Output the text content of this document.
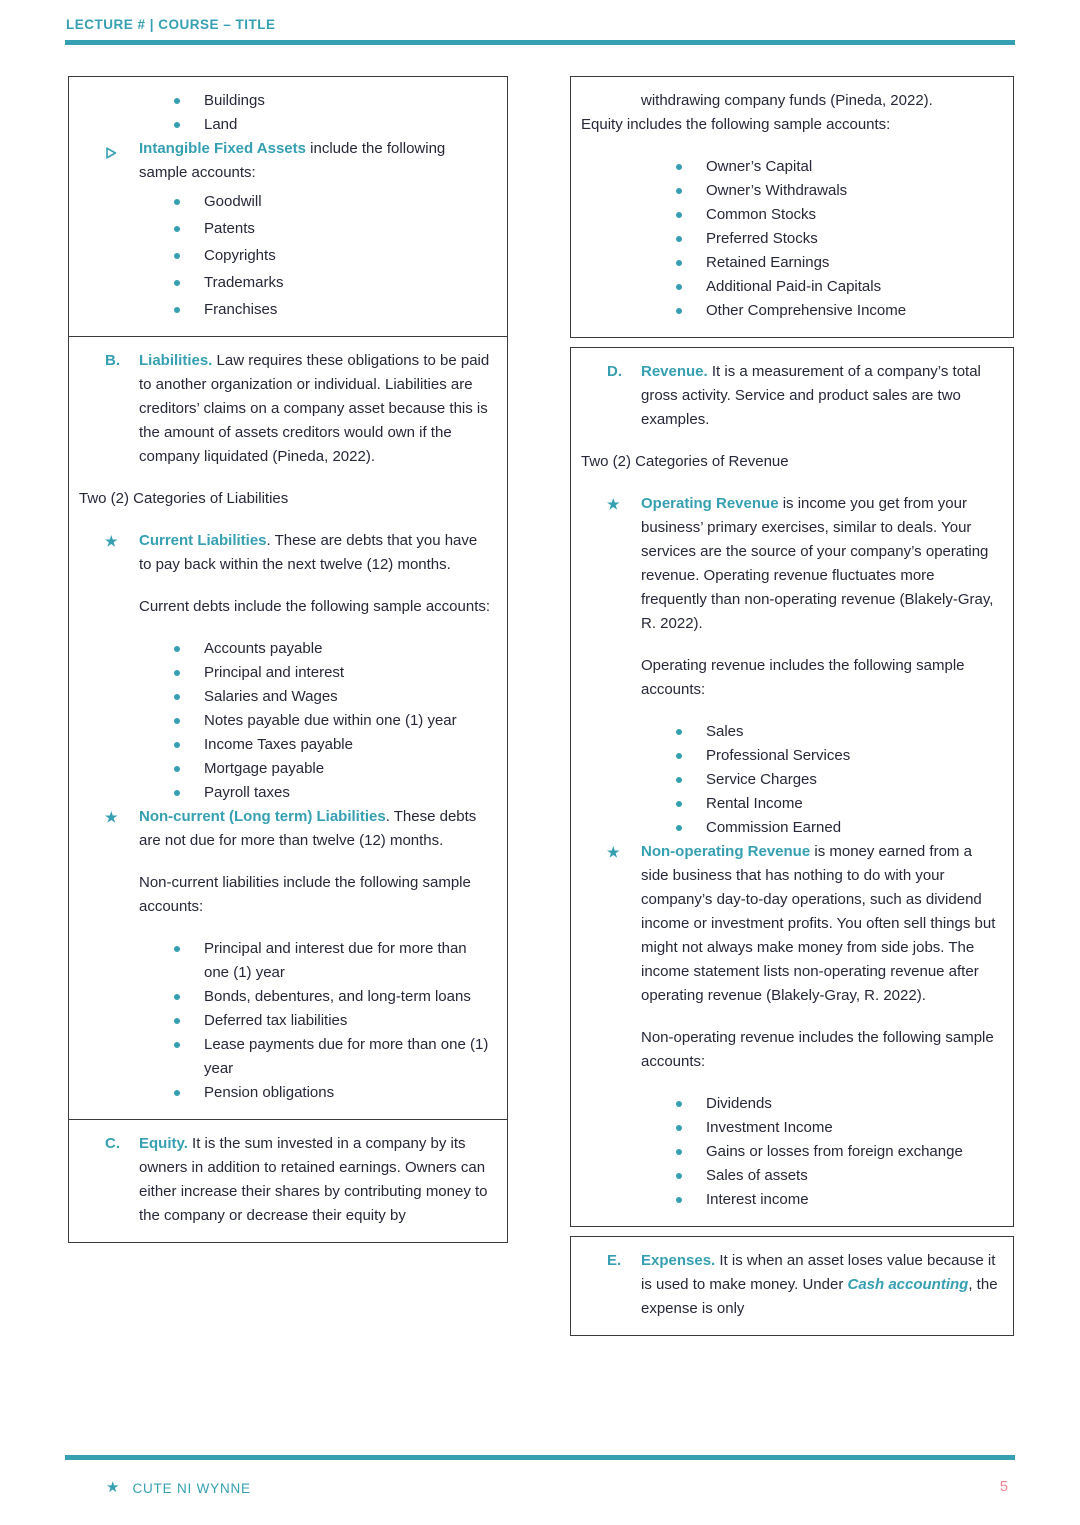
LECTURE # | COURSE – TITLE
Buildings
Land

Intangible Fixed Assets include the following sample accounts:

Goodwill
Patents
Copyrights
Trademarks
Franchises
B.	Liabilities. Law requires these obligations to be paid to another organization or individual. Liabilities are creditors’ claims on a company asset because this is the amount of assets creditors would own if the company liquidated (Pineda, 2022).

Two (2) Categories of Liabilities

★	Current Liabilities. These are debts that you have to pay back within the next twelve (12) months.

Current debts include the following sample accounts:

Accounts payable
Principal and interest
Salaries and Wages
Notes payable due within one (1) year
Income Taxes payable
Mortgage payable
Payroll taxes
★	Non-current (Long term) Liabilities. These debts are not due for more than twelve (12) months.

Non-current liabilities include the following sample accounts:

Principal and interest due for more than one (1) year
Bonds, debentures, and long-term loans
Deferred tax liabilities
Lease payments due for more than one (1) year
Pension obligations
C.	Equity. It is the sum invested in a company by its owners in addition to retained earnings. Owners can either increase their shares by contributing money to the company or decrease their equity by

withdrawing company funds (Pineda, 2022).

Equity includes the following sample accounts:

Owner’s Capital
Owner’s Withdrawals
Common Stocks
Preferred Stocks
Retained Earnings
Additional Paid-in Capitals
Other Comprehensive Income
D.	Revenue. It is a measurement of a company’s total gross activity. Service and product sales are two examples.

Two (2) Categories of Revenue

★	Operating Revenue is income you get from your business’ primary exercises, similar to deals. Your services are the source of your company’s operating revenue. Operating revenue fluctuates more frequently than non-operating revenue (Blakely-Gray, R. 2022).

Operating revenue includes the following sample accounts:

Sales
Professional Services
Service Charges
Rental Income
Commission Earned
★	Non-operating Revenue is money earned from a side business that has nothing to do with your company’s day-to-day operations, such as dividend income or investment profits. You often sell things but might not always make money from side jobs. The income statement lists non-operating revenue after operating revenue (Blakely-Gray, R. 2022).

Non-operating revenue includes the following sample accounts:

Dividends
Investment Income
Gains or losses from foreign exchange
Sales of assets
Interest income
E.	Expenses. It is when an asset loses value because it is used to make money. Under Cash accounting, the expense is only

★ CUTE NI WYNNE	5
